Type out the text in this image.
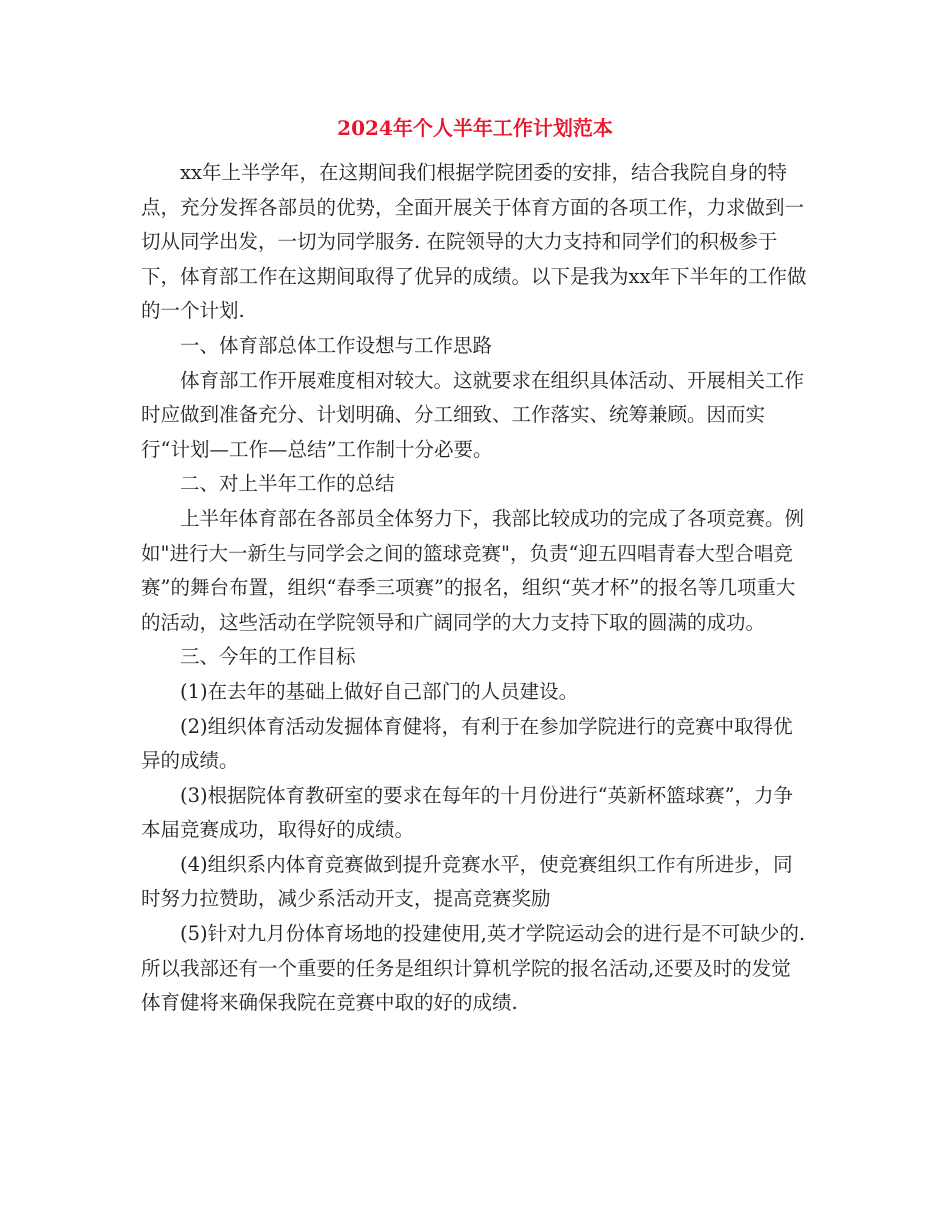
2024年个人半年工作计划范本

xx年上半学年，在这期间我们根据学院团委的安排，结合我院自身的特点，充分发挥各部员的优势，全面开展关于体育方面的各项工作，力求做到一切从同学出发，一切为同学服务. 在院领导的大力支持和同学们的积极参于下，体育部工作在这期间取得了优异的成绩。以下是我为xx年下半年的工作做的一个计划.

一、体育部总体工作设想与工作思路

体育部工作开展难度相对较大。这就要求在组织具体活动、开展相关工作时应做到准备充分、计划明确、分工细致、工作落实、统筹兼顾。因而实行“计划—工作—总结”工作制十分必要。

二、对上半年工作的总结

上半年体育部在各部员全体努力下，我部比较成功的完成了各项竞赛。例如"进行大一新生与同学会之间的篮球竞赛"，负责“迎五四唱青春大型合唱竞赛”的舞台布置，组织“春季三项赛”的报名，组织“英才杯”的报名等几项重大的活动，这些活动在学院领导和广阔同学的大力支持下取的圆满的成功。

三、今年的工作目标

(1)在去年的基础上做好自己部门的人员建设。

(2)组织体育活动发掘体育健将，有利于在参加学院进行的竞赛中取得优异的成绩。

(3)根据院体育教研室的要求在每年的十月份进行“英新杯篮球赛”，力争本届竞赛成功，取得好的成绩。

(4)组织系内体育竞赛做到提升竞赛水平，使竞赛组织工作有所进步，同时努力拉赞助，减少系活动开支，提高竞赛奖励

(5)针对九月份体育场地的投建使用,英才学院运动会的进行是不可缺少的.所以我部还有一个重要的任务是组织计算机学院的报名活动,还要及时的发觉体育健将来确保我院在竞赛中取的好的成绩.
